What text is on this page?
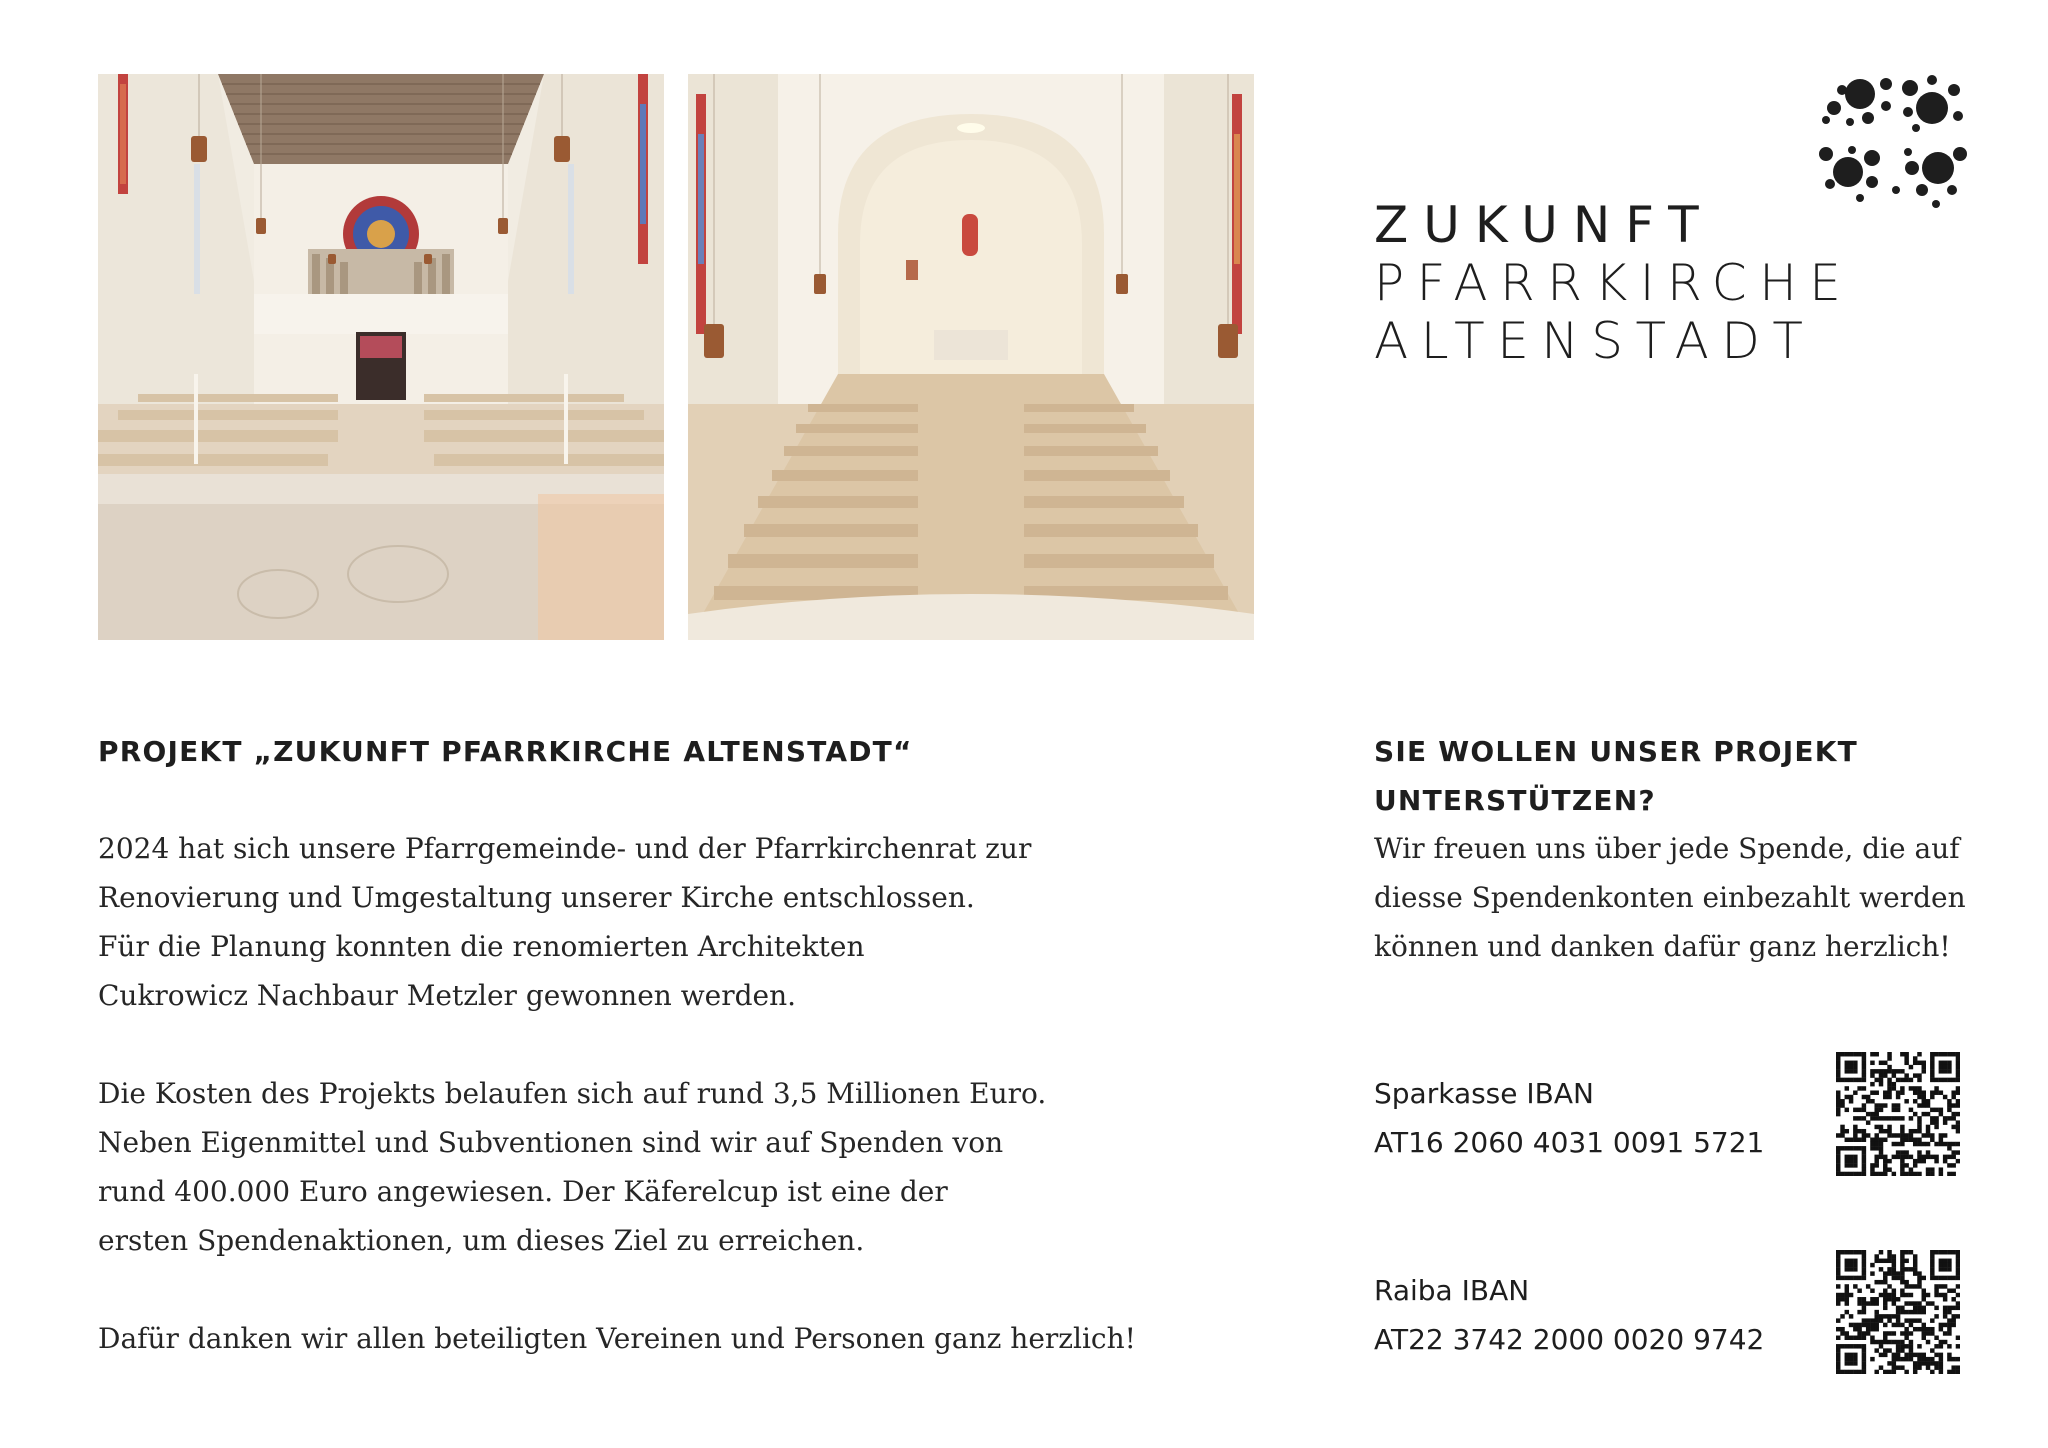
ZUKUNFT

PFARRKIRCHE

ALTENSTADT

PROJEKT „ZUKUNFT PFARRKIRCHE ALTENSTADT“

2024 hat sich unsere Pfarrgemeinde- und der Pfarrkirchenrat zur

Renovierung und Umgestaltung unserer Kirche entschlossen.

Für die Planung konnten die renomierten Architekten

Cukrowicz Nachbaur Metzler gewonnen werden.

Die Kosten des Projekts belaufen sich auf rund 3,5 Millionen Euro.

Neben Eigenmittel und Subventionen sind wir auf Spenden von

rund 400.000 Euro angewiesen. Der Käferelcup ist eine der

ersten Spendenaktionen, um dieses Ziel zu erreichen.

Dafür danken wir allen beteiligten Vereinen und Personen ganz herzlich!

SIE WOLLEN UNSER PROJEKT

UNTERSTÜTZEN?

Wir freuen uns über jede Spende, die auf

diesse Spendenkonten einbezahlt werden

können und danken dafür ganz herzlich!

Sparkasse IBAN

AT16 2060 4031 0091 5721

Raiba IBAN

AT22 3742 2000 0020 9742
